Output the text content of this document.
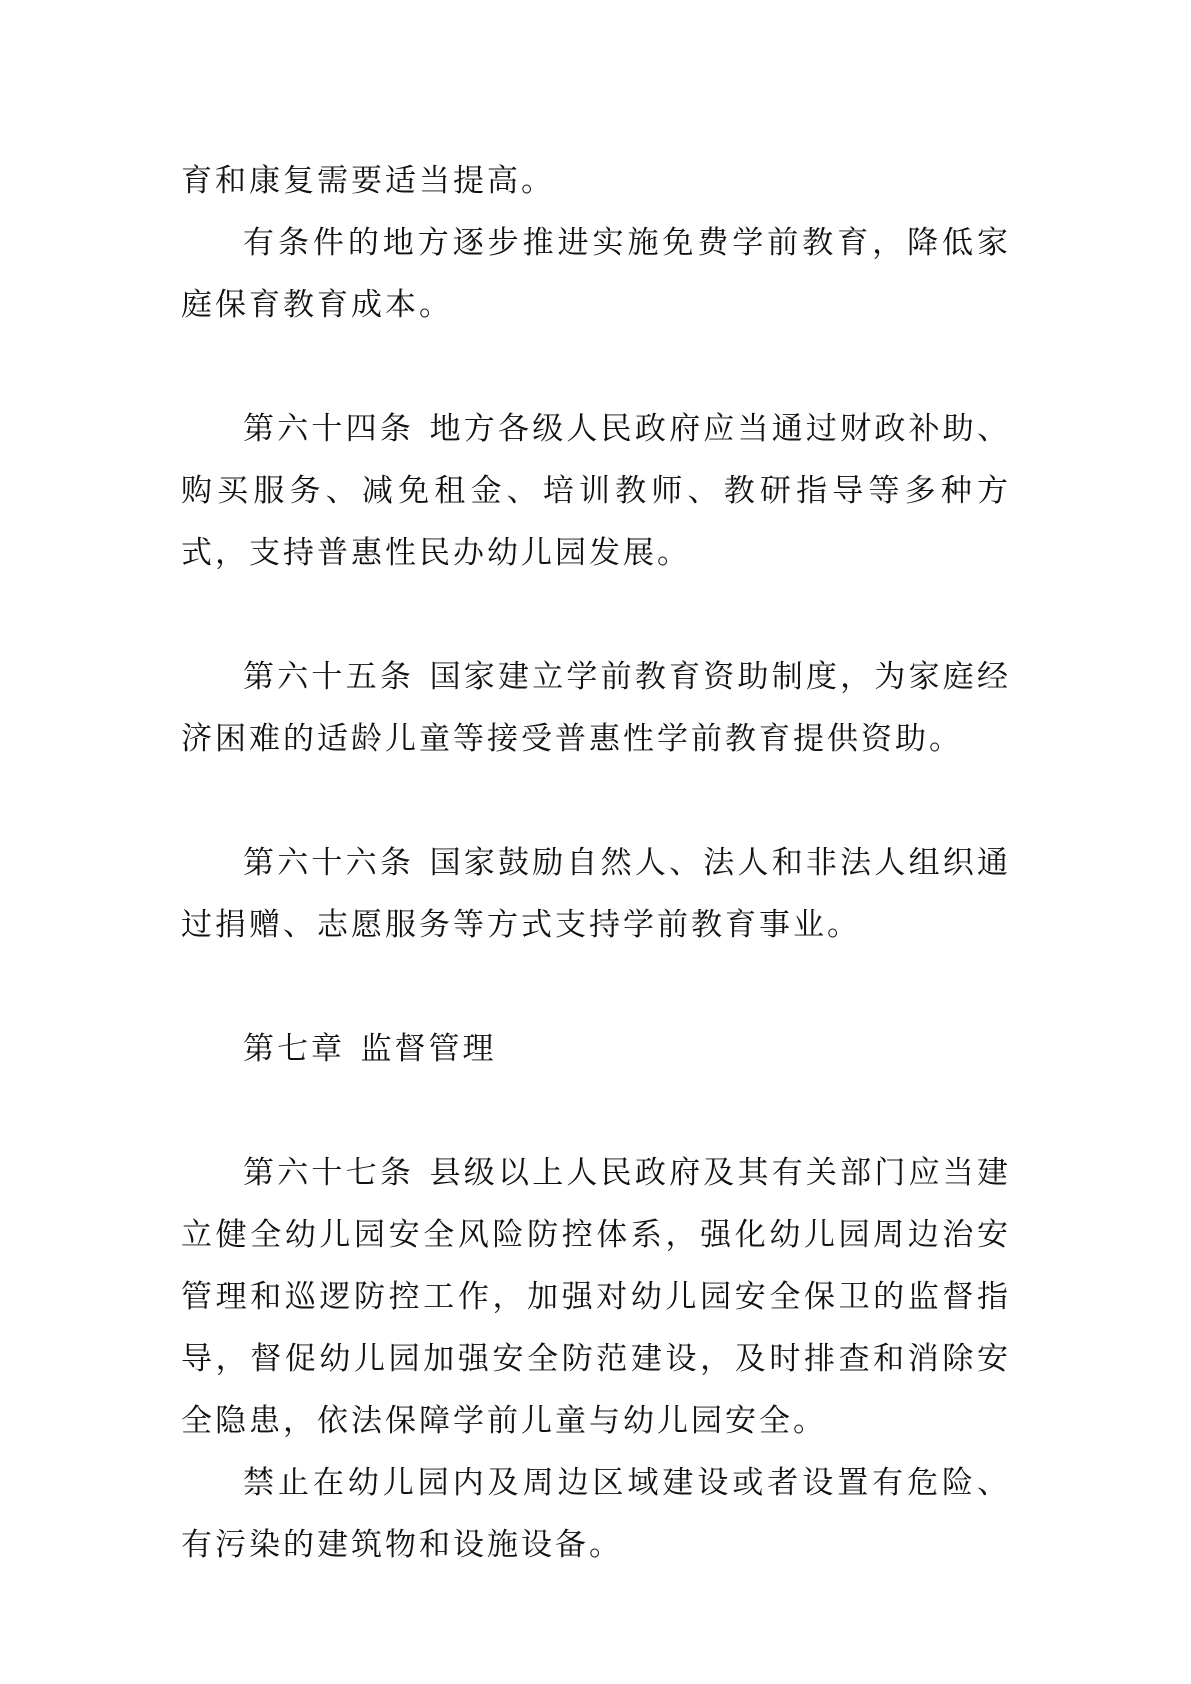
育和康复需要适当提高。

有条件的地方逐步推进实施免费学前教育，降低家庭保育教育成本。

第六十四条 地方各级人民政府应当通过财政补助、购买服务、减免租金、培训教师、教研指导等多种方式，支持普惠性民办幼儿园发展。

第六十五条 国家建立学前教育资助制度，为家庭经济困难的适龄儿童等接受普惠性学前教育提供资助。

第六十六条 国家鼓励自然人、法人和非法人组织通过捐赠、志愿服务等方式支持学前教育事业。

第七章 监督管理

第六十七条 县级以上人民政府及其有关部门应当建立健全幼儿园安全风险防控体系，强化幼儿园周边治安管理和巡逻防控工作，加强对幼儿园安全保卫的监督指导，督促幼儿园加强安全防范建设，及时排查和消除安全隐患，依法保障学前儿童与幼儿园安全。

禁止在幼儿园内及周边区域建设或者设置有危险、有污染的建筑物和设施设备。
